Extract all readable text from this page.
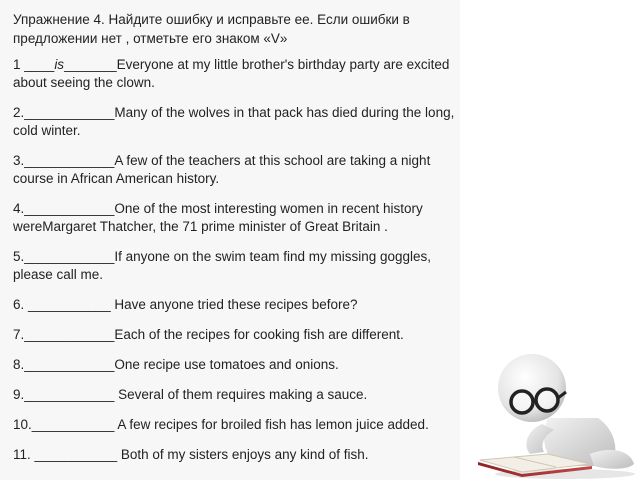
Упражнение 4. Найдите ошибку и исправьте ее. Если ошибки в предложении нет , отметьте его знаком «V»

1 ____is_______Everyone at my little brother's birthday party are excited about seeing the clown.

2.____________Many of the wolves in that pack has died during the long, cold winter.

3.____________A few of the teachers at this school are taking a night course in African American history.

4.____________One of the most interesting women in recent history wereMargaret Thatcher, the 71 prime minister of Great Britain .

5.____________If anyone on the swim team find my missing goggles, please call me.

6. ___________ Have anyone tried these recipes before?

7.____________Each of the recipes for cooking fish are different.

8.____________One recipe use tomatoes and onions.

9.____________ Several of them requires making a sauce.

10.___________ A few recipes for broiled fish has lemon juice added.

11. ___________ Both of my sisters enjoys any kind of fish.
